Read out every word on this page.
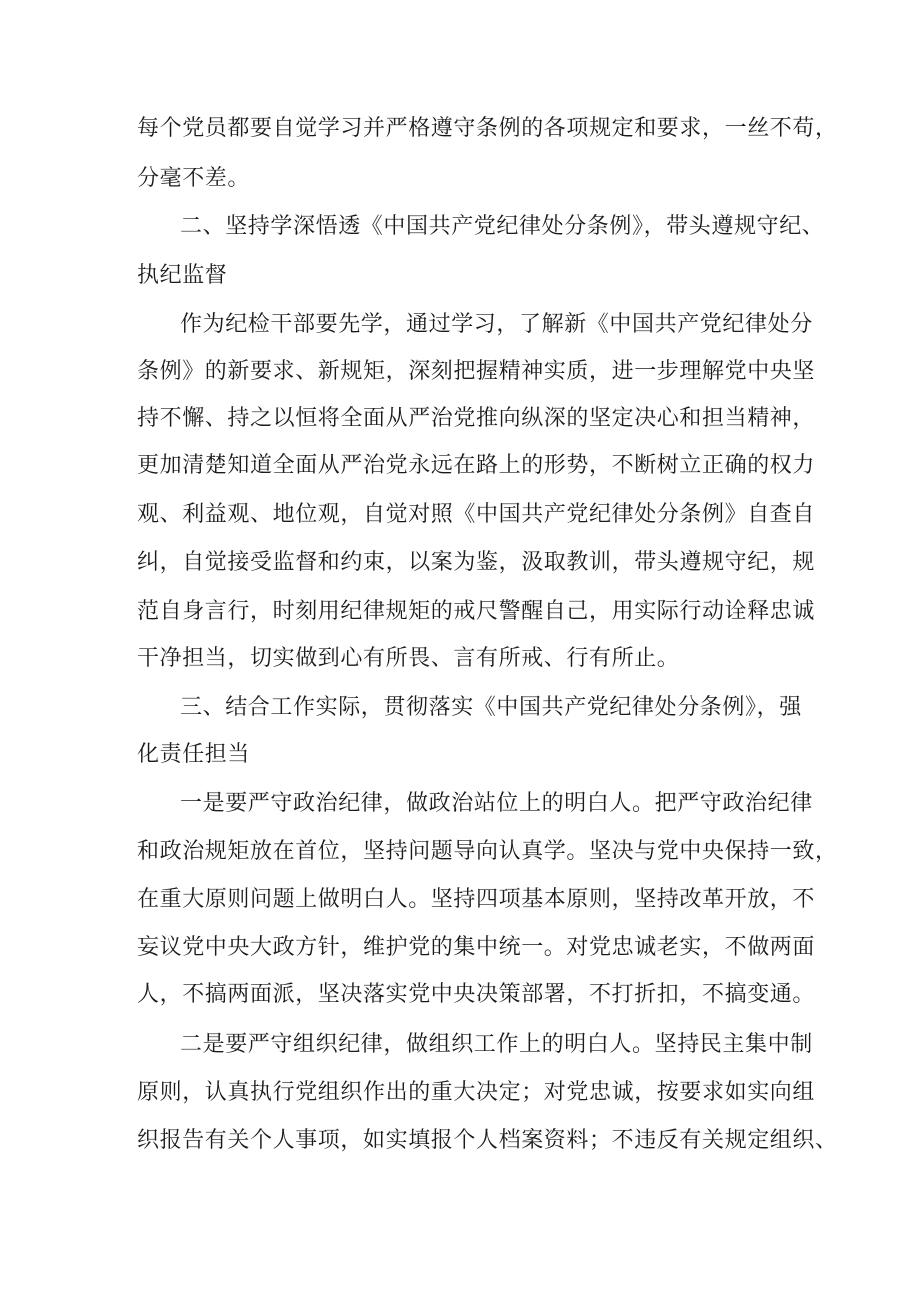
每个党员都要自觉学习并严格遵守条例的各项规定和要求，一丝不苟，
分毫不差。
二、坚持学深悟透《中国共产党纪律处分条例》，带头遵规守纪、
执纪监督
作为纪检干部要先学，通过学习，了解新《中国共产党纪律处分
条例》的新要求、新规矩，深刻把握精神实质，进一步理解党中央坚
持不懈、持之以恒将全面从严治党推向纵深的坚定决心和担当精神，
更加清楚知道全面从严治党永远在路上的形势，不断树立正确的权力
观、利益观、地位观，自觉对照《中国共产党纪律处分条例》自查自
纠，自觉接受监督和约束，以案为鉴，汲取教训，带头遵规守纪，规
范自身言行，时刻用纪律规矩的戒尺警醒自己，用实际行动诠释忠诚
干净担当，切实做到心有所畏、言有所戒、行有所止。
三、结合工作实际，贯彻落实《中国共产党纪律处分条例》，强
化责任担当
一是要严守政治纪律，做政治站位上的明白人。把严守政治纪律
和政治规矩放在首位，坚持问题导向认真学。坚决与党中央保持一致，
在重大原则问题上做明白人。坚持四项基本原则，坚持改革开放，不
妄议党中央大政方针，维护党的集中统一。对党忠诚老实，不做两面
人，不搞两面派，坚决落实党中央决策部署，不打折扣，不搞变通。
二是要严守组织纪律，做组织工作上的明白人。坚持民主集中制
原则，认真执行党组织作出的重大决定；对党忠诚，按要求如实向组
织报告有关个人事项，如实填报个人档案资料；不违反有关规定组织、
